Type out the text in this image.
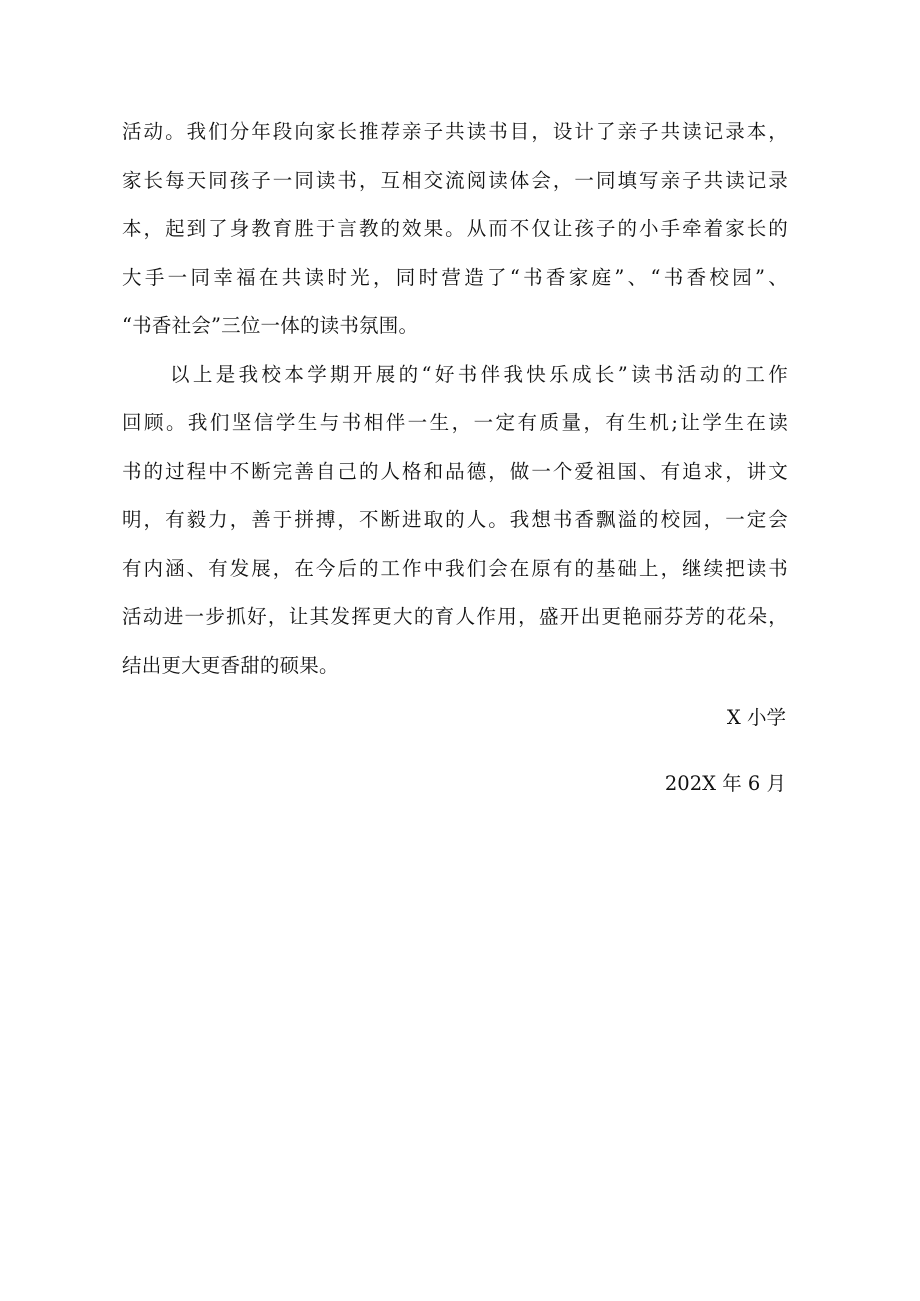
活动。我们分年段向家长推荐亲子共读书目，设计了亲子共读记录本，
家长每天同孩子一同读书，互相交流阅读体会，一同填写亲子共读记录
本，起到了身教育胜于言教的效果。从而不仅让孩子的小手牵着家长的
大手一同幸福在共读时光，同时营造了“书香家庭”、“书香校园”、
“书香社会”三位一体的读书氛围。
以上是我校本学期开展的“好书伴我快乐成长”读书活动的工作
回顾。我们坚信学生与书相伴一生，一定有质量，有生机;让学生在读
书的过程中不断完善自己的人格和品德，做一个爱祖国、有追求，讲文
明，有毅力，善于拼搏，不断进取的人。我想书香飘溢的校园，一定会
有内涵、有发展，在今后的工作中我们会在原有的基础上，继续把读书
活动进一步抓好，让其发挥更大的育人作用，盛开出更艳丽芬芳的花朵，
结出更大更香甜的硕果。
X 小学
202X 年 6 月
